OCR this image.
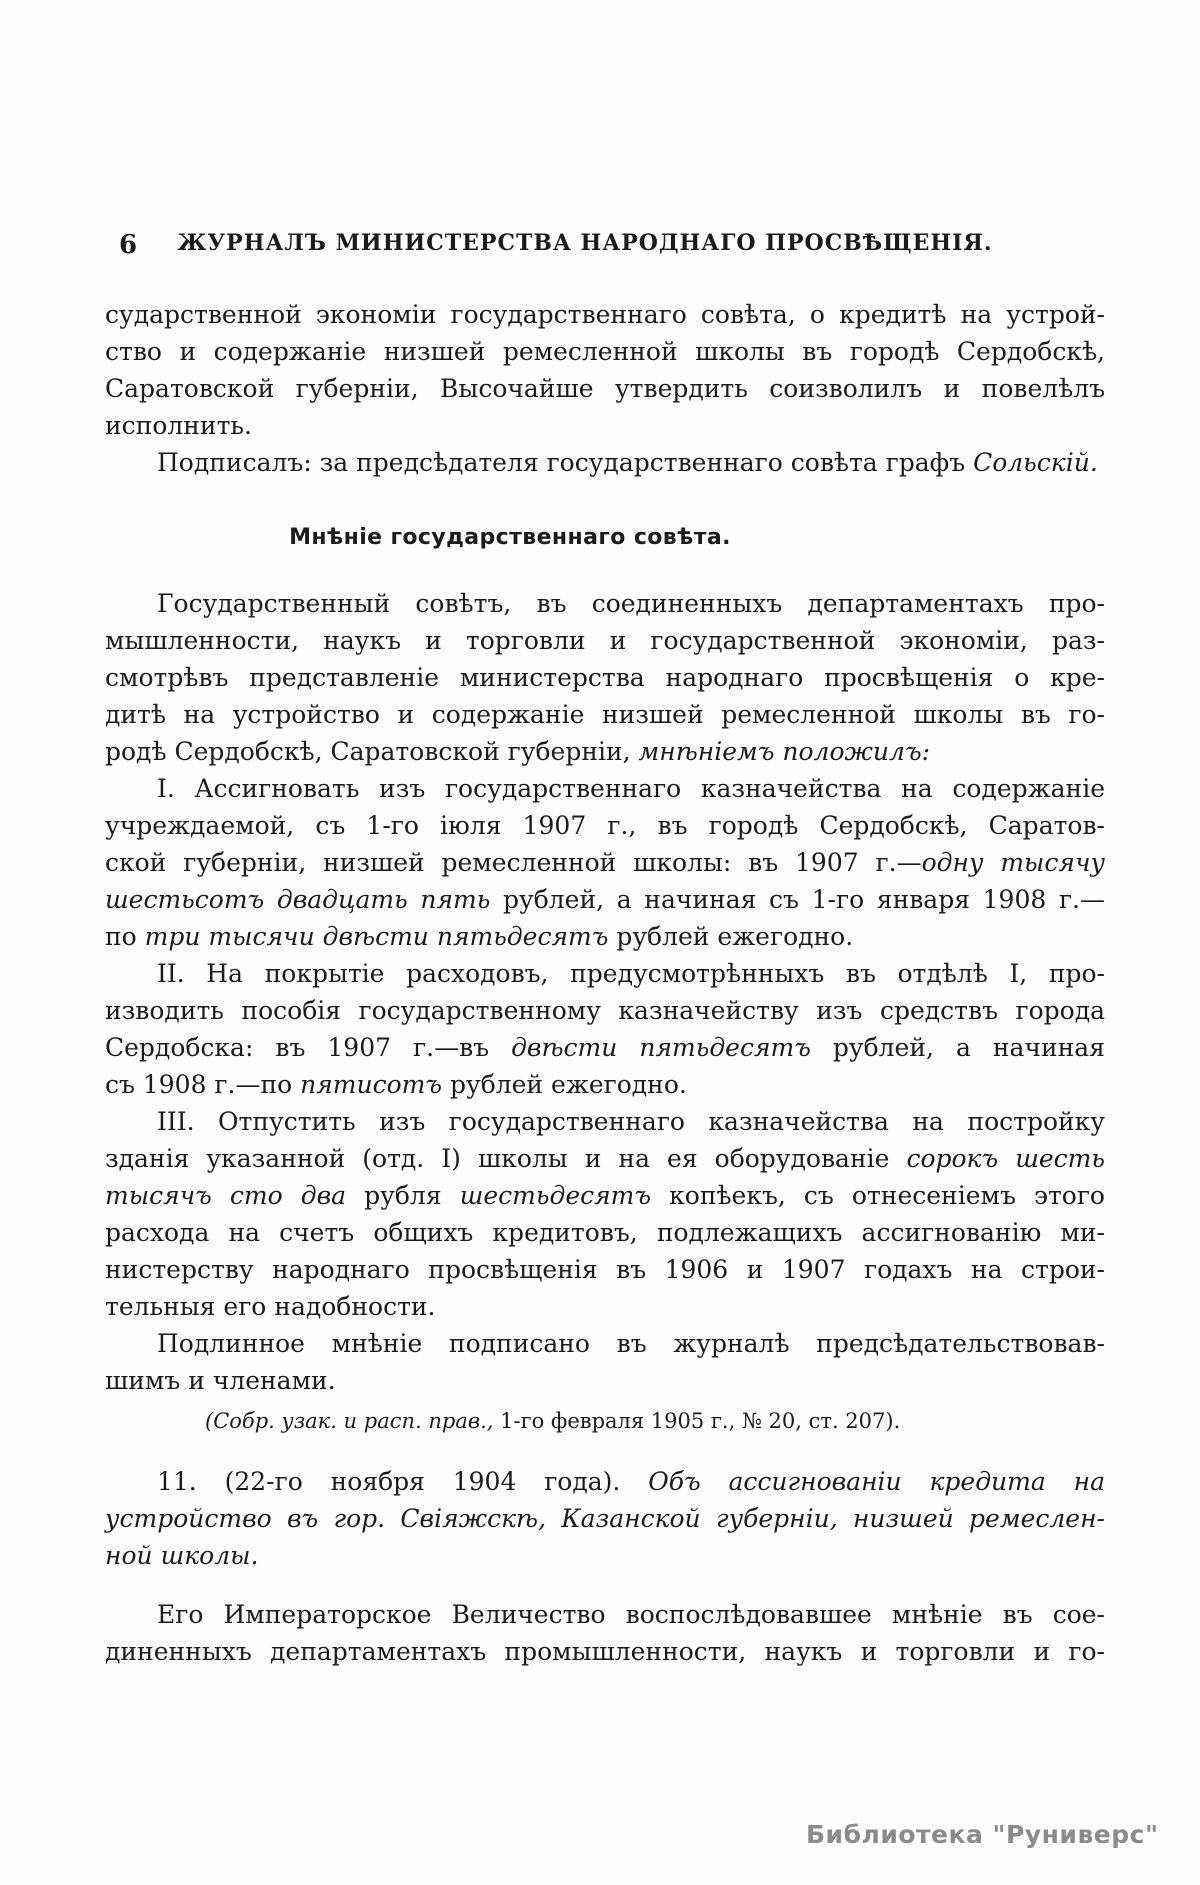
6	ЖУРНАЛЪ МИНИСТЕРСТВА НАРОДНАГО ПРОСВѢЩЕНІЯ.
сударственной экономіи государственнаго совѣта, о кредитѣ на устрой-
ство и содержаніе низшей ремесленной школы въ городѣ Сердобскѣ,
Саратовской губерніи, Высочайше утвердить соизволилъ и повелѣлъ
исполнить.
Подписалъ: за предсѣдателя государственнаго совѣта графъ Сольскій.
Мнѣніе государственнаго совѣта.
Государственный совѣтъ, въ соединенныхъ департаментахъ про-
мышленности, наукъ и торговли и государственной экономіи, раз-
смотрѣвъ представленіе министерства народнаго просвѣщенія о кре-
дитѣ на устройство и содержаніе низшей ремесленной школы въ го-
родѣ Сердобскѣ, Саратовской губерніи, мнѣніемъ положилъ:
I. Ассигновать изъ государственнаго казначейства на содержаніе
учреждаемой, съ 1-го іюля 1907 г., въ городѣ Сердобскѣ, Саратов-
ской губерніи, низшей ремесленной школы: въ 1907 г.—одну тысячу
шестьсотъ двадцать пять рублей, а начиная съ 1-го января 1908 г.—
по три тысячи двѣсти пятьдесятъ рублей ежегодно.
II. На покрытіе расходовъ, предусмотрѣнныхъ въ отдѣлѣ I, про-
изводить пособія государственному казначейству изъ средствъ города
Сердобска: въ 1907 г.—въ двѣсти пятьдесятъ рублей, а начиная
съ 1908 г.—по пятисотъ рублей ежегодно.
III. Отпустить изъ государственнаго казначейства на постройку
зданія указанной (отд. I) школы и на ея оборудованіе сорокъ шесть
тысячъ сто два рубля шестьдесятъ копѣекъ, съ отнесеніемъ этого
расхода на счетъ общихъ кредитовъ, подлежащихъ ассигнованію ми-
нистерству народнаго просвѣщенія въ 1906 и 1907 годахъ на строи-
тельныя его надобности.
Подлинное мнѣніе подписано въ журналѣ предсѣдательствовав-
шимъ и членами.
(Собр. узак. и расп. прав., 1-го февраля 1905 г., № 20, ст. 207).
11. (22-го ноября 1904 года). Объ ассигнованіи кредита на
устройство въ гор. Свіяжскѣ, Казанской губерніи, низшей ремеслен-
ной школы.
Его Императорское Величество воспослѣдовавшее мнѣніе въ сое-
диненныхъ департаментахъ промышленности, наукъ и торговли и го-
Библиотека "Руниверс"
